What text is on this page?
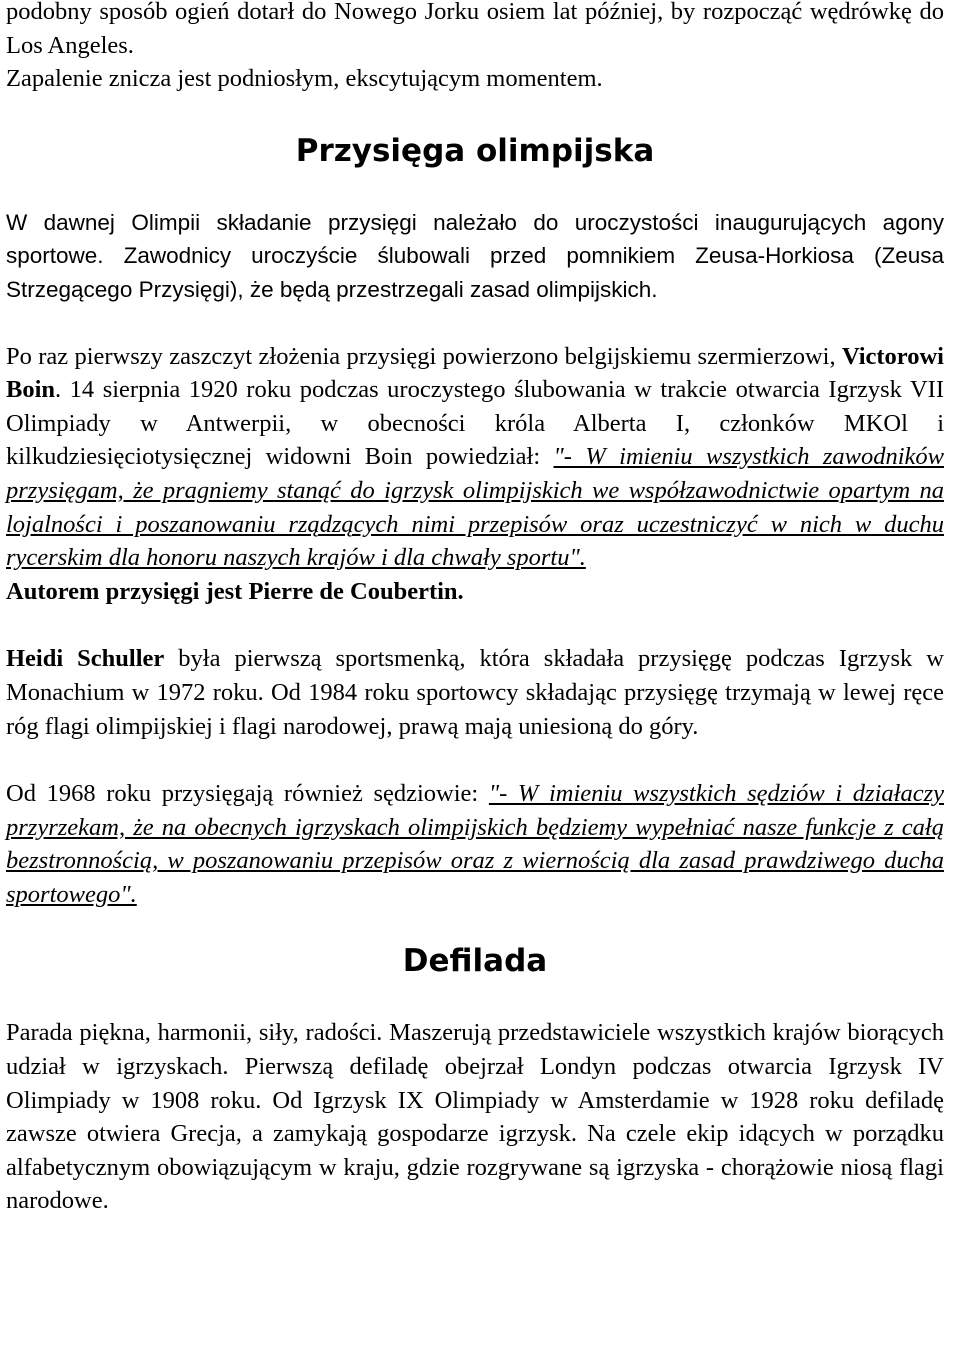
podobny sposób ogień dotarł do Nowego Jorku osiem lat później, by rozpocząć wędrówkę do Los Angeles.

Zapalenie znicza jest podniosłym, ekscytującym momentem.

Przysięga olimpijska

W dawnej Olimpii składanie przysięgi należało do uroczystości inaugurujących agony sportowe. Zawodnicy uroczyście ślubowali przed pomnikiem Zeusa-Horkiosa (Zeusa Strzegącego Przysięgi), że będą przestrzegali zasad olimpijskich.

Po raz pierwszy zaszczyt złożenia przysięgi powierzono belgijskiemu szermierzowi, Victorowi Boin. 14 sierpnia 1920 roku podczas uroczystego ślubowania w trakcie otwarcia Igrzysk VII Olimpiady w Antwerpii, w obecności króla Alberta I, członków MKOl i kilkudziesięciotysięcznej widowni Boin powiedział: "- W imieniu wszystkich zawodników przysięgam, że pragniemy stanąć do igrzysk olimpijskich we współzawodnictwie opartym na lojalności i poszanowaniu rządzących nimi przepisów oraz uczestniczyć w nich w duchu rycerskim dla honoru naszych krajów i dla chwały sportu".
Autorem przysięgi jest Pierre de Coubertin.

Heidi Schuller była pierwszą sportsmenką, która składała przysięgę podczas Igrzysk w Monachium w 1972 roku. Od 1984 roku sportowcy składając przysięgę trzymają w lewej ręce róg flagi olimpijskiej i flagi narodowej, prawą mają uniesioną do góry.

Od 1968 roku przysięgają również sędziowie: "- W imieniu wszystkich sędziów i działaczy przyrzekam, że na obecnych igrzyskach olimpijskich będziemy wypełniać nasze funkcje z całą bezstronnością, w poszanowaniu przepisów oraz z wiernością dla zasad prawdziwego ducha sportowego".

Defilada

Parada piękna, harmonii, siły, radości. Maszerują przedstawiciele wszystkich krajów biorących udział w igrzyskach. Pierwszą defiladę obejrzał Londyn podczas otwarcia Igrzysk IV Olimpiady w 1908 roku. Od Igrzysk IX Olimpiady w Amsterdamie w 1928 roku defiladę zawsze otwiera Grecja, a zamykają gospodarze igrzysk. Na czele ekip idących w porządku alfabetycznym obowiązującym w kraju, gdzie rozgrywane są igrzyska - chorążowie niosą flagi narodowe.
